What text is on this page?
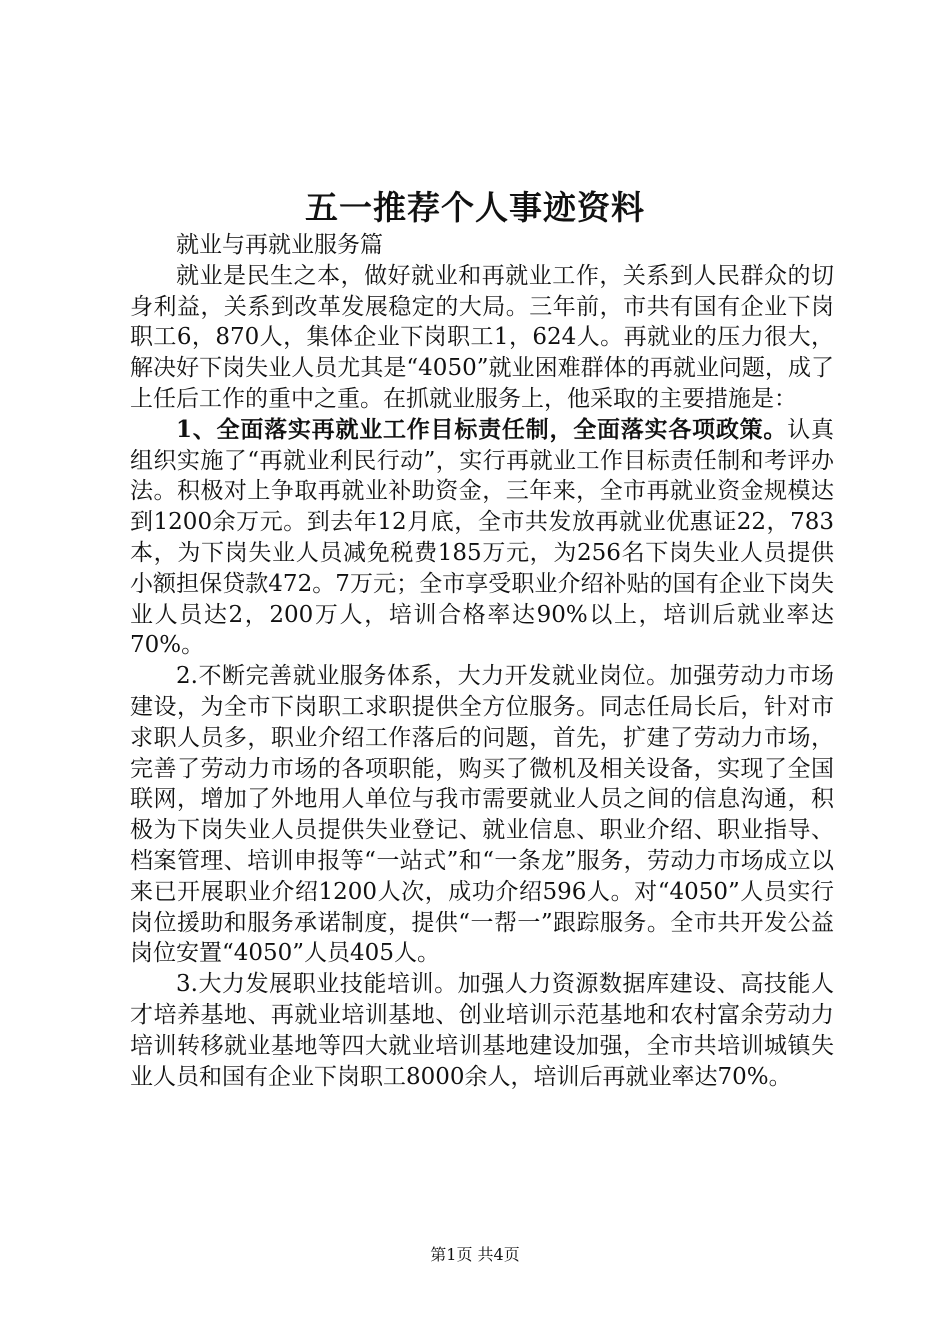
五一推荐个人事迹资料

就业与再就业服务篇

就业是民生之本，做好就业和再就业工作，关系到人民群众的切身利益，关系到改革发展稳定的大局。三年前，市共有国有企业下岗职工6，870人，集体企业下岗职工1，624人。再就业的压力很大，解决好下岗失业人员尤其是“4050”就业困难群体的再就业问题，成了上任后工作的重中之重。在抓就业服务上，他采取的主要措施是：

1、全面落实再就业工作目标责任制，全面落实各项政策。认真组织实施了“再就业利民行动”，实行再就业工作目标责任制和考评办法。积极对上争取再就业补助资金，三年来，全市再就业资金规模达到1200余万元。到去年12月底，全市共发放再就业优惠证22，783本，为下岗失业人员减免税费185万元，为256名下岗失业人员提供小额担保贷款472。7万元；全市享受职业介绍补贴的国有企业下岗失业人员达2，200万人，培训合格率达90%以上，培训后就业率达70%。

2.不断完善就业服务体系，大力开发就业岗位。加强劳动力市场建设，为全市下岗职工求职提供全方位服务。同志任局长后，针对市求职人员多，职业介绍工作落后的问题，首先，扩建了劳动力市场，完善了劳动力市场的各项职能，购买了微机及相关设备，实现了全国联网，增加了外地用人单位与我市需要就业人员之间的信息沟通，积极为下岗失业人员提供失业登记、就业信息、职业介绍、职业指导、档案管理、培训申报等“一站式”和“一条龙”服务，劳动力市场成立以来已开展职业介绍1200人次，成功介绍596人。对“4050”人员实行岗位援助和服务承诺制度，提供“一帮一”跟踪服务。全市共开发公益岗位安置“4050”人员405人。

3.大力发展职业技能培训。加强人力资源数据库建设、高技能人才培养基地、再就业培训基地、创业培训示范基地和农村富余劳动力培训转移就业基地等四大就业培训基地建设加强，全市共培训城镇失业人员和国有企业下岗职工8000余人，培训后再就业率达70%。

第1页 共4页
